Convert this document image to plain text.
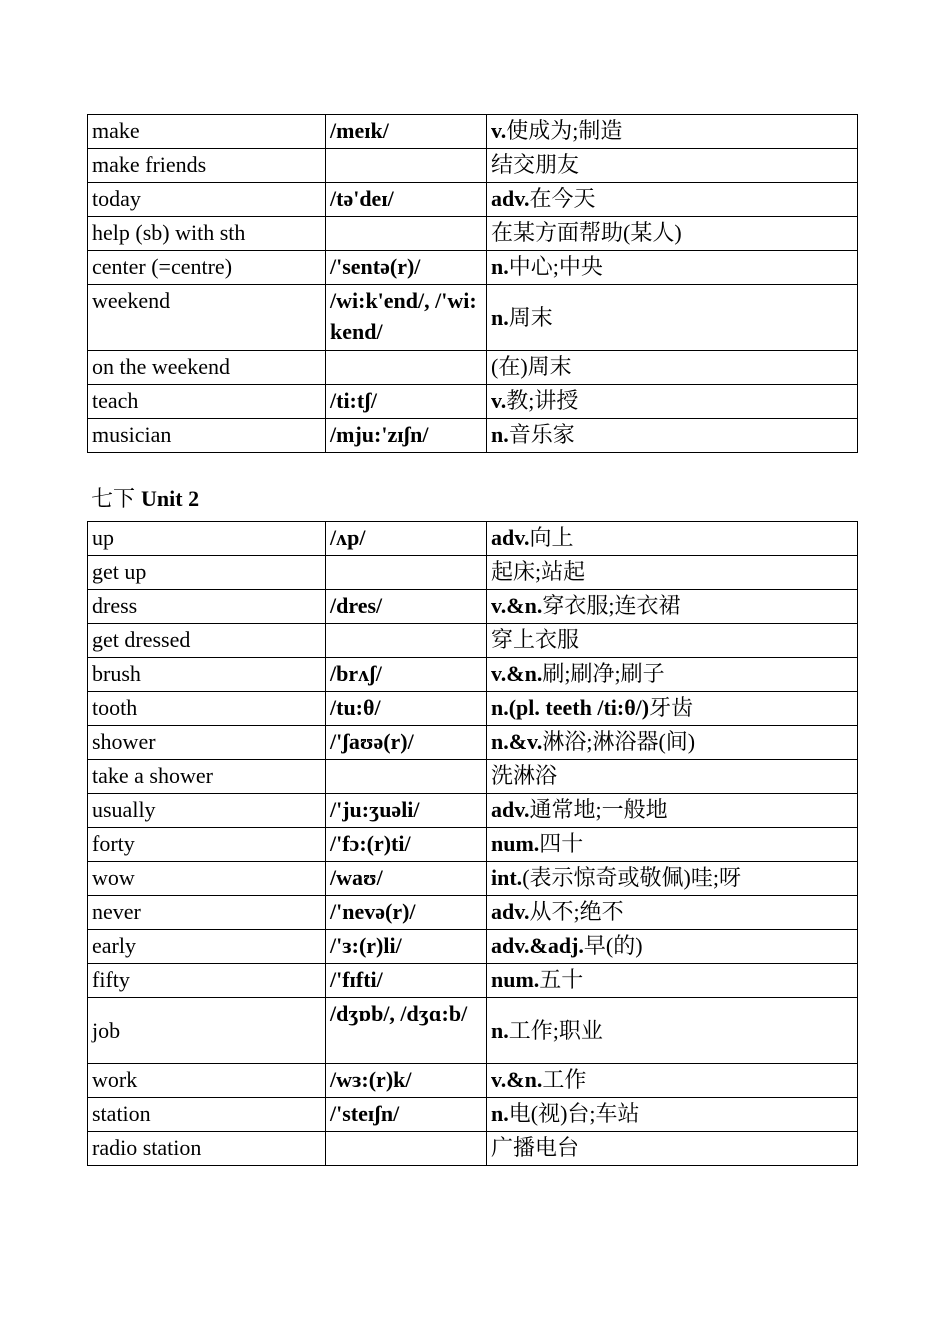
make	/meɪk/	v.使成为;制造
make friends		结交朋友
today	/tə'deɪ/	adv.在今天
help (sb) with sth		在某方面帮助(某人)
center (=centre)	/'sentə(r)/	n.中心;中央
weekend	/wi:k'end/, /'wi:kend/	n.周末
on the weekend		(在)周末
teach	/ti:tʃ/	v.教;讲授
musician	/mju:'zɪʃn/	n.音乐家
七下 Unit 2
up	/ʌp/	adv.向上
get up		起床;站起
dress	/dres/	v.&n.穿衣服;连衣裙
get dressed		穿上衣服
brush	/brʌʃ/	v.&n.刷;刷净;刷子
tooth	/tu:θ/	n.(pl. teeth /ti:θ/)牙齿
shower	/'ʃaʊə(r)/	n.&v.淋浴;淋浴器(间)
take a shower		洗淋浴
usually	/'ju:ʒuəli/	adv.通常地;一般地
forty	/'fɔ:(r)ti/	num.四十
wow	/waʊ/	int.(表示惊奇或敬佩)哇;呀
never	/'nevə(r)/	adv.从不;绝不
early	/'ɜ:(r)li/	adv.&adj.早(的)
fifty	/'fɪfti/	num.五十
job	/dʒɒb/, /dʒɑ:b/	n.工作;职业
work	/wɜ:(r)k/	v.&n.工作
station	/'steɪʃn/	n.电(视)台;车站
radio station		广播电台
